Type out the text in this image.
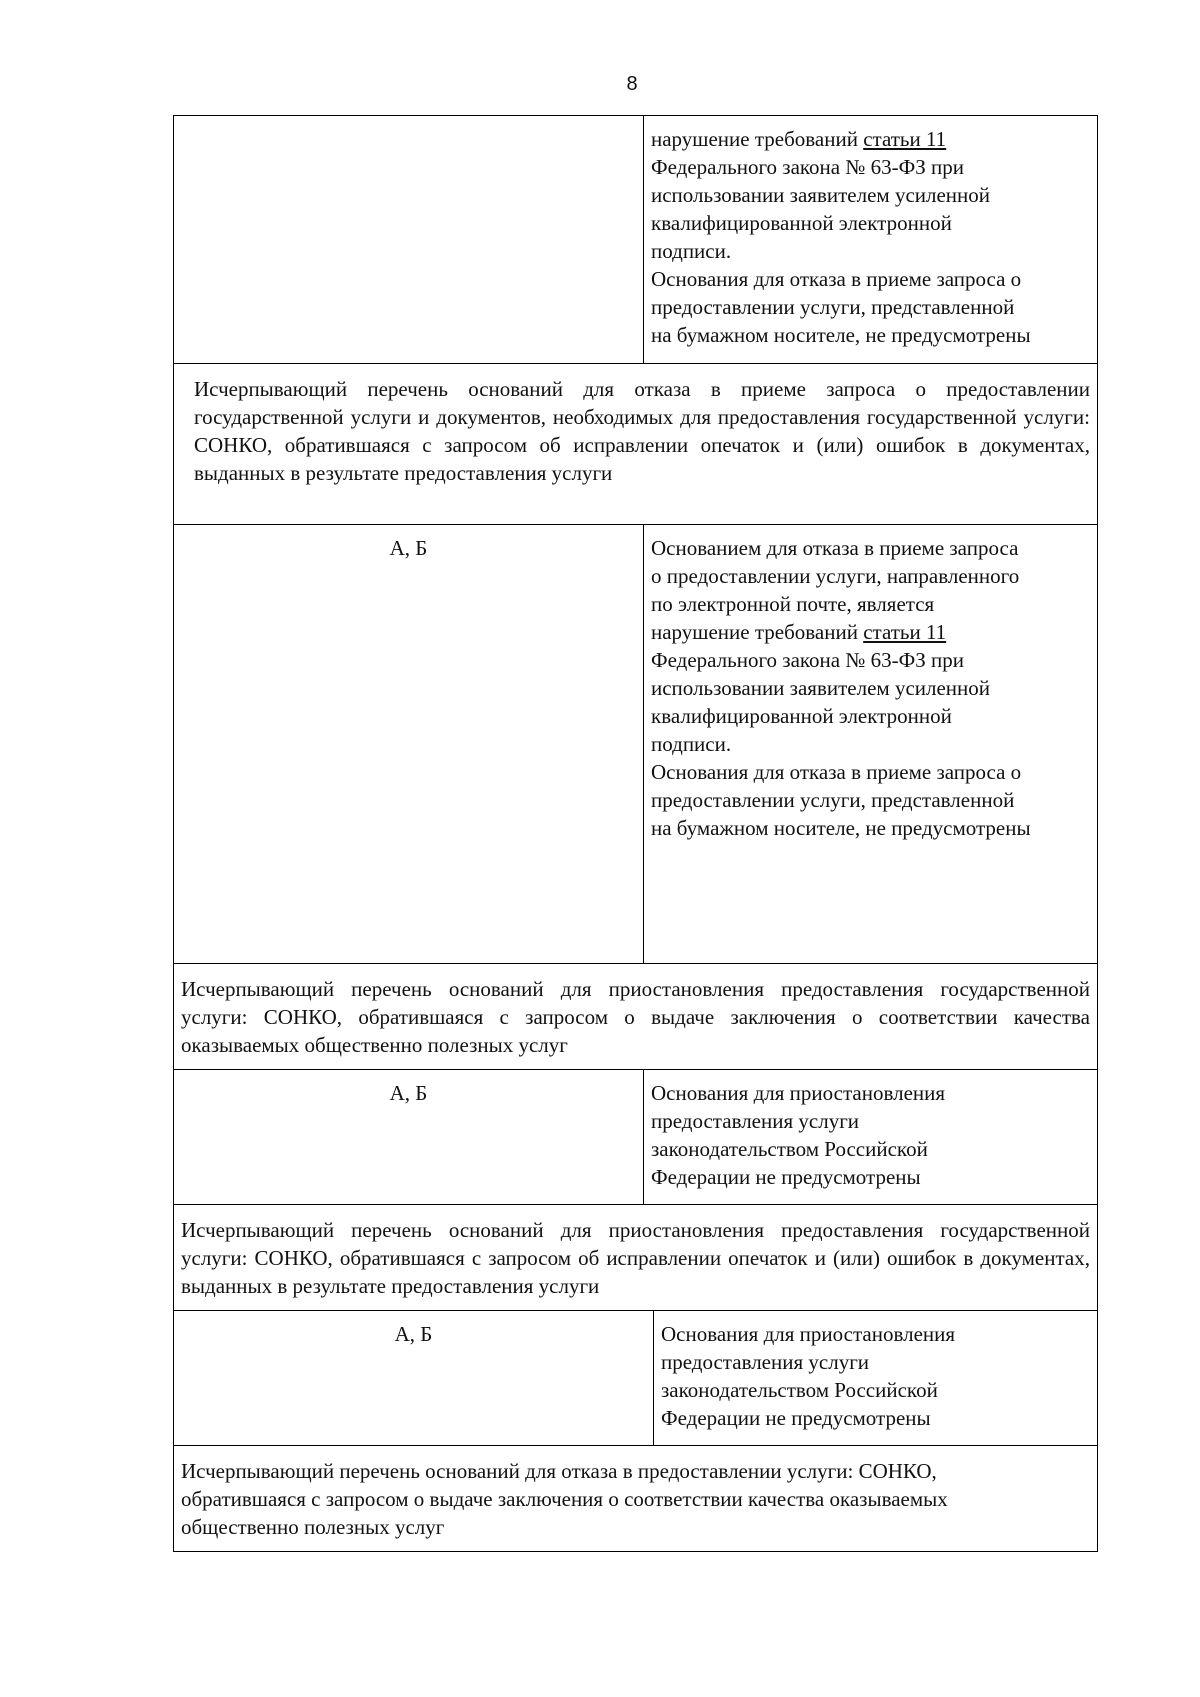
8

нарушение требований статьи 11

Федерального закона № 63-ФЗ при

использовании заявителем усиленной

квалифицированной электронной

подписи.

Основания для отказа в приеме запроса о

предоставлении услуги, представленной

на бумажном носителе, не предусмотрены

Исчерпывающий перечень оснований для отказа в приеме запроса о предоставлении государственной услуги и документов, необходимых для предоставления государственной услуги: СОНКО, обратившаяся с запросом об исправлении опечаток и (или) ошибок в документах, выданных в результате предоставления услуги
А, Б	Основанием для отказа в приеме запроса

о предоставлении услуги, направленного

по электронной почте, является

нарушение требований статьи 11

Федерального закона № 63-ФЗ при

использовании заявителем усиленной

квалифицированной электронной

подписи.

Основания для отказа в приеме запроса о

предоставлении услуги, представленной

на бумажном носителе, не предусмотрены

Исчерпывающий перечень оснований для приостановления предоставления государственной услуги: СОНКО, обратившаяся с запросом о выдаче заключения о соответствии качества оказываемых общественно полезных услуг
А, Б	Основания для приостановления

предоставления услуги

законодательством Российской

Федерации не предусмотрены

Исчерпывающий перечень оснований для приостановления предоставления государственной услуги: СОНКО, обратившаяся с запросом об исправлении опечаток и (или) ошибок в документах, выданных в результате предоставления услуги
А, Б	Основания для приостановления

предоставления услуги

законодательством Российской

Федерации не предусмотрены

Исчерпывающий перечень оснований для отказа в предоставлении услуги: СОНКО,
обратившаяся с запросом о выдаче заключения о соответствии качества оказываемых
общественно полезных услуг
